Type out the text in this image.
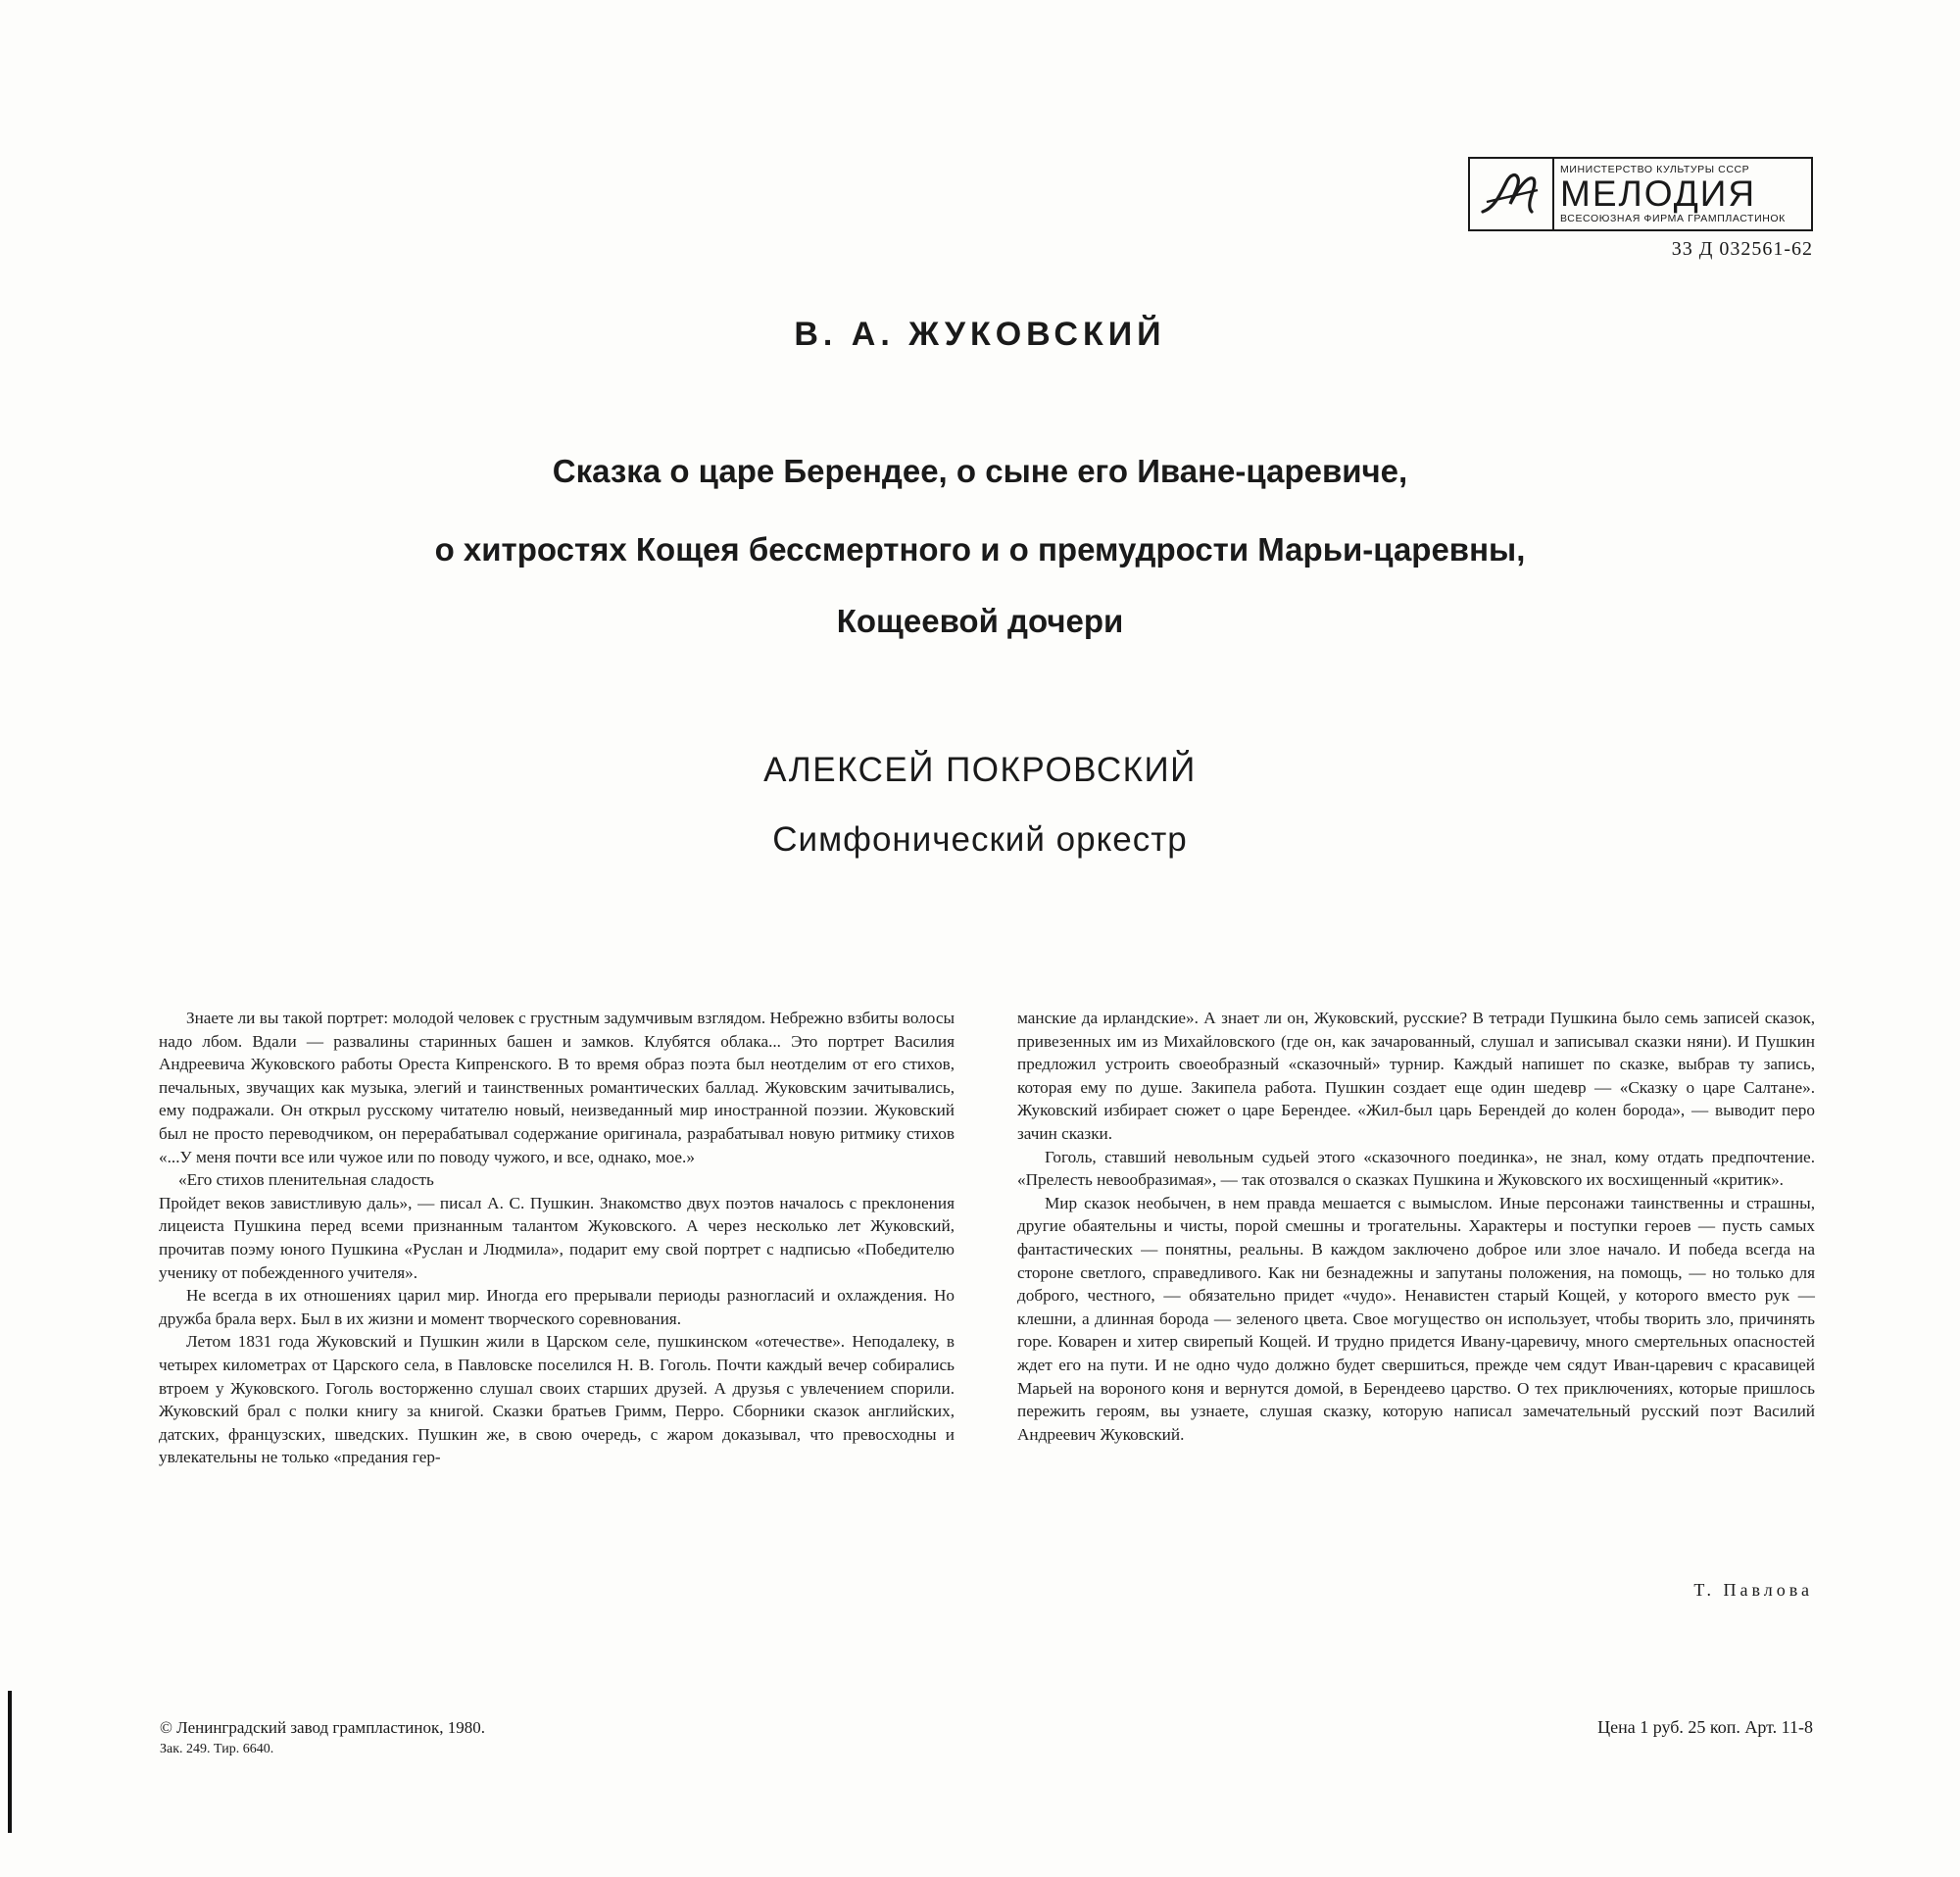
МИНИСТЕРСТВО КУЛЬТУРЫ СССР
МЕЛОДИЯ
ВСЕСОЮЗНАЯ ФИРМА ГРАМПЛАСТИНОК
33 Д 032561-62
В. А. ЖУКОВСКИЙ
Сказка о царе Берендее, о сыне его Иване-царевиче,
о хитростях Кощея бессмертного и о премудрости Марьи-царевны,
Кощеевой дочери
АЛЕКСЕЙ ПОКРОВСКИЙ
Симфонический оркестр

Знаете ли вы такой портрет: молодой человек с грустным задумчивым взглядом. Небрежно взбиты волосы надо лбом. Вдали — развалины старинных башен и замков. Клубятся облака... Это портрет Василия Андреевича Жуковского работы Ореста Кипренского. В то время образ поэта был неотделим от его стихов, печальных, звучащих как музыка, элегий и таинственных романтических баллад. Жуковским зачитывались, ему подражали. Он открыл русскому читателю новый, неизведанный мир иностранной поэзии. Жуковский был не просто переводчиком, он перерабатывал содержание оригинала, разрабатывал новую ритмику стихов «...У меня почти все или чужое или по поводу чужого, и все, однако, мое.»

«Его стихов пленительная сладость

Пройдет веков завистливую даль», — писал А. С. Пушкин. Знакомство двух поэтов началось с преклонения лицеиста Пушкина перед всеми признанным талантом Жуковского. А через несколько лет Жуковский, прочитав поэму юного Пушкина «Руслан и Людмила», подарит ему свой портрет с надписью «Победителю ученику от побежденного учителя».

Не всегда в их отношениях царил мир. Иногда его прерывали периоды разногласий и охлаждения. Но дружба брала верх. Был в их жизни и момент творческого соревнования.

Летом 1831 года Жуковский и Пушкин жили в Царском селе, пушкинском «отечестве». Неподалеку, в четырех километрах от Царского села, в Павловске поселился Н. В. Гоголь. Почти каждый вечер собирались втроем у Жуковского. Гоголь восторженно слушал своих старших друзей. А друзья с увлечением спорили. Жуковский брал с полки книгу за книгой. Сказки братьев Гримм, Перро. Сборники сказок английских, датских, французских, шведских. Пушкин же, в свою очередь, с жаром доказывал, что превосходны и увлекательны не только «предания гер-

манские да ирландские». А знает ли он, Жуковский, русские? В тетради Пушкина было семь записей сказок, привезенных им из Михайловского (где он, как зачарованный, слушал и записывал сказки няни). И Пушкин предложил устроить своеобразный «сказочный» турнир. Каждый напишет по сказке, выбрав ту запись, которая ему по душе. Закипела работа. Пушкин создает еще один шедевр — «Сказку о царе Салтане». Жуковский избирает сюжет о царе Берендее. «Жил-был царь Берендей до колен борода», — выводит перо зачин сказки.

Гоголь, ставший невольным судьей этого «сказочного поединка», не знал, кому отдать предпочтение. «Прелесть невообразимая», — так отозвался о сказках Пушкина и Жуковского их восхищенный «критик».

Мир сказок необычен, в нем правда мешается с вымыслом. Иные персонажи таинственны и страшны, другие обаятельны и чисты, порой смешны и трогательны. Характеры и поступки героев — пусть самых фантастических — понятны, реальны. В каждом заключено доброе или злое начало. И победа всегда на стороне светлого, справедливого. Как ни безнадежны и запутаны положения, на помощь, — но только для доброго, честного, — обязательно придет «чудо». Ненавистен старый Кощей, у которого вместо рук — клешни, а длинная борода — зеленого цвета. Свое могущество он использует, чтобы творить зло, причинять горе. Коварен и хитер свирепый Кощей. И трудно придется Ивану-царевичу, много смертельных опасностей ждет его на пути. И не одно чудо должно будет свершиться, прежде чем сядут Иван-царевич с красавицей Марьей на вороного коня и вернутся домой, в Берендеево царство. О тех приключениях, которые пришлось пережить героям, вы узнаете, слушая сказку, которую написал замечательный русский поэт Василий Андреевич Жуковский.

Т. Павлова
© Ленинградский завод грампластинок, 1980.
Зак. 249. Тир. 6640.
Цена 1 руб. 25 коп. Арт. 11-8
